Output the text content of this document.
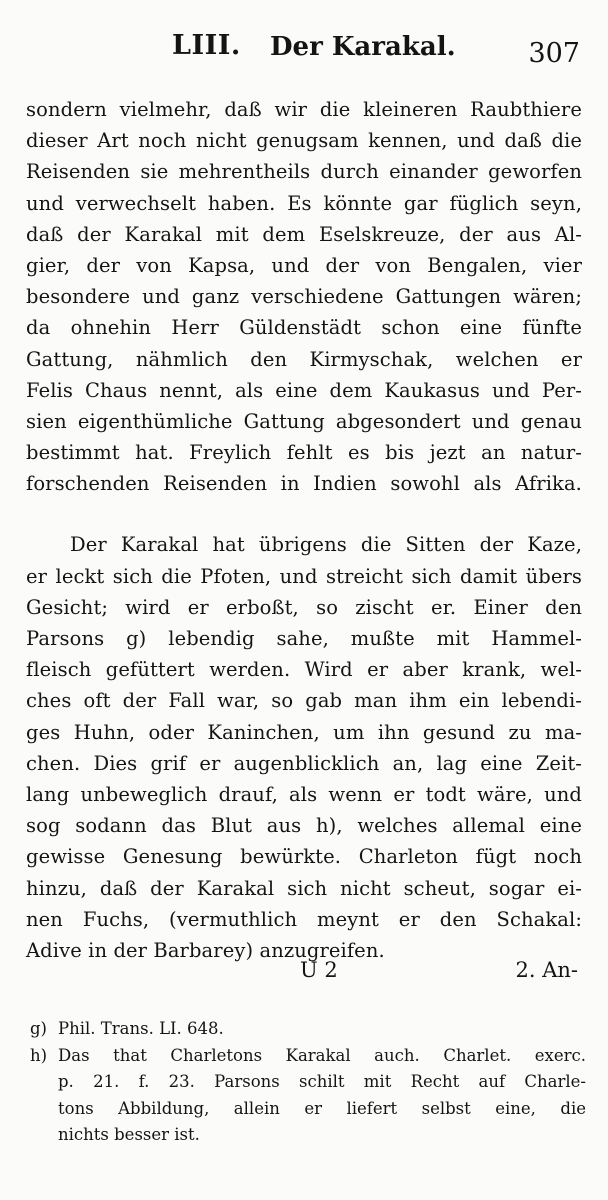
LIII. Der Karakal.	307
sondern vielmehr, daß wir die kleineren Raubthiere
dieser Art noch nicht genugsam kennen, und daß die
Reisenden sie mehrentheils durch einander geworfen
und verwechselt haben. Es könnte gar füglich seyn,
daß der Karakal mit dem Eselskreuze, der aus Al-
gier, der von Kapsa, und der von Bengalen, vier
besondere und ganz verschiedene Gattungen wären;
da ohnehin Herr Güldenstädt schon eine fünfte
Gattung, nähmlich den Kirmyschak, welchen er
Felis Chaus nennt, als eine dem Kaukasus und Per-
sien eigenthümliche Gattung abgesondert und genau
bestimmt hat. Freylich fehlt es bis jezt an natur-
forschenden Reisenden in Indien sowohl als Afrika.
Der Karakal hat übrigens die Sitten der Kaze,
er leckt sich die Pfoten, und streicht sich damit übers
Gesicht; wird er erboßt, so zischt er. Einer den
Parsons g) lebendig sahe, mußte mit Hammel-
fleisch gefüttert werden. Wird er aber krank, wel-
ches oft der Fall war, so gab man ihm ein lebendi-
ges Huhn, oder Kaninchen, um ihn gesund zu ma-
chen. Dies grif er augenblicklich an, lag eine Zeit-
lang unbeweglich drauf, als wenn er todt wäre, und
sog sodann das Blut aus h), welches allemal eine
gewisse Genesung bewürkte. Charleton fügt noch
hinzu, daß der Karakal sich nicht scheut, sogar ei-
nen Fuchs, (vermuthlich meynt er den Schakal:
Adive in der Barbarey) anzugreifen.
U 2	2. An-
g) Phil. Trans. LI. 648.
h) Das that Charletons Karakal auch. Charlet. exerc.
p. 21. f. 23. Parsons schilt mit Recht auf Charle-
tons Abbildung, allein er liefert selbst eine, die
nichts besser ist.
